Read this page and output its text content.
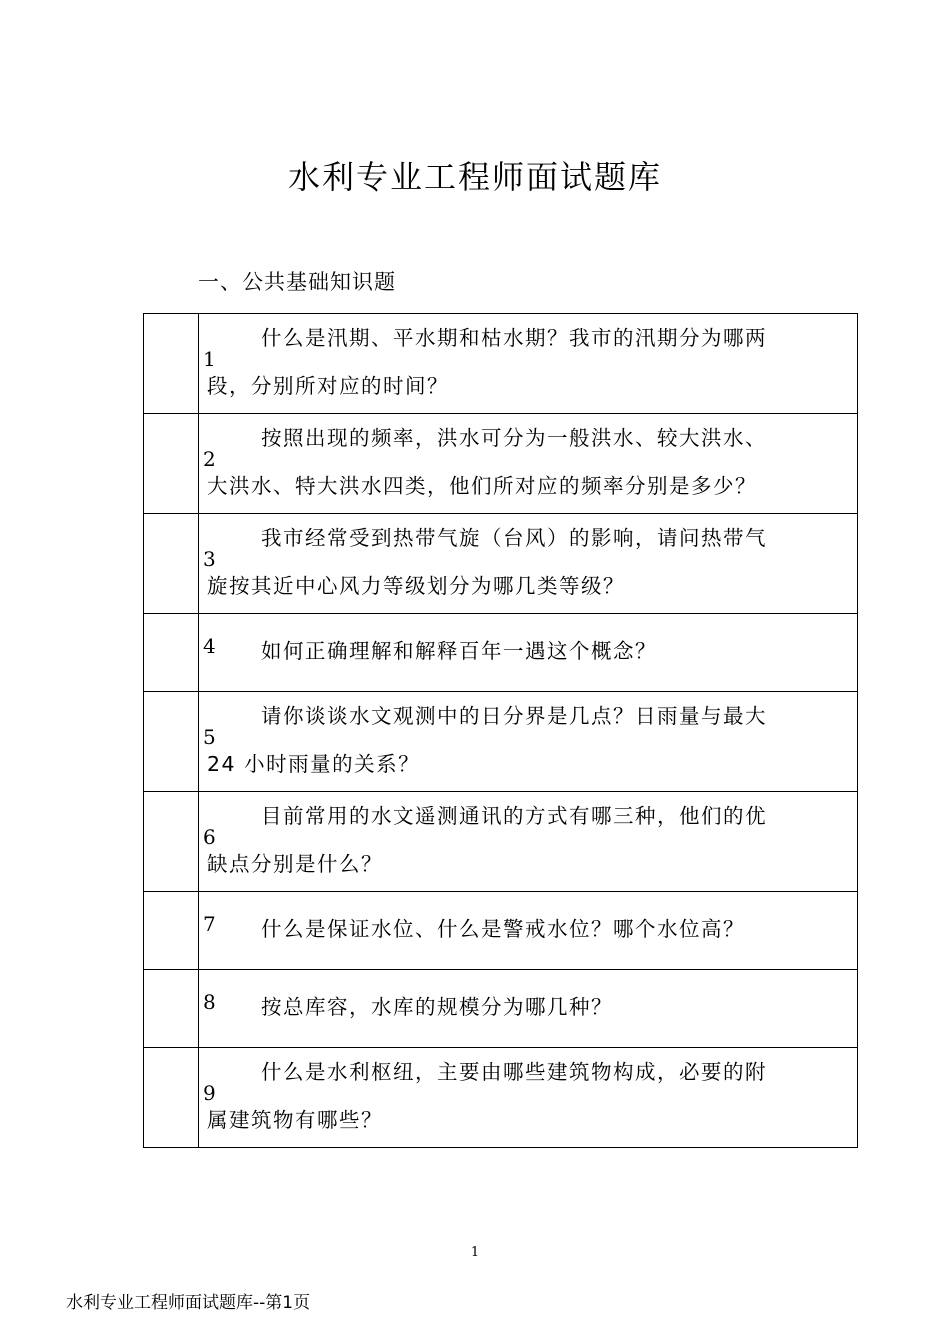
水利专业工程师面试题库
一、公共基础知识题

	1
什么是汛期、平水期和枯水期？我市的汛期分为哪两
段，分别所对应的时间？

	2
按照出现的频率，洪水可分为一般洪水、较大洪水、
大洪水、特大洪水四类，他们所对应的频率分别是多少？

	3
我市经常受到热带气旋（台风）的影响，请问热带气
旋按其近中心风力等级划分为哪几类等级？

	4 如何正确理解和解释百年一遇这个概念？

	5
请你谈谈水文观测中的日分界是几点？日雨量与最大
24 小时雨量的关系？

	6
目前常用的水文遥测通讯的方式有哪三种，他们的优
缺点分别是什么？

	7 什么是保证水位、什么是警戒水位？哪个水位高？

	8 按总库容，水库的规模分为哪几种？

	9
什么是水利枢纽，主要由哪些建筑物构成，必要的附
属建筑物有哪些？
1
水利专业工程师面试题库--第1页
